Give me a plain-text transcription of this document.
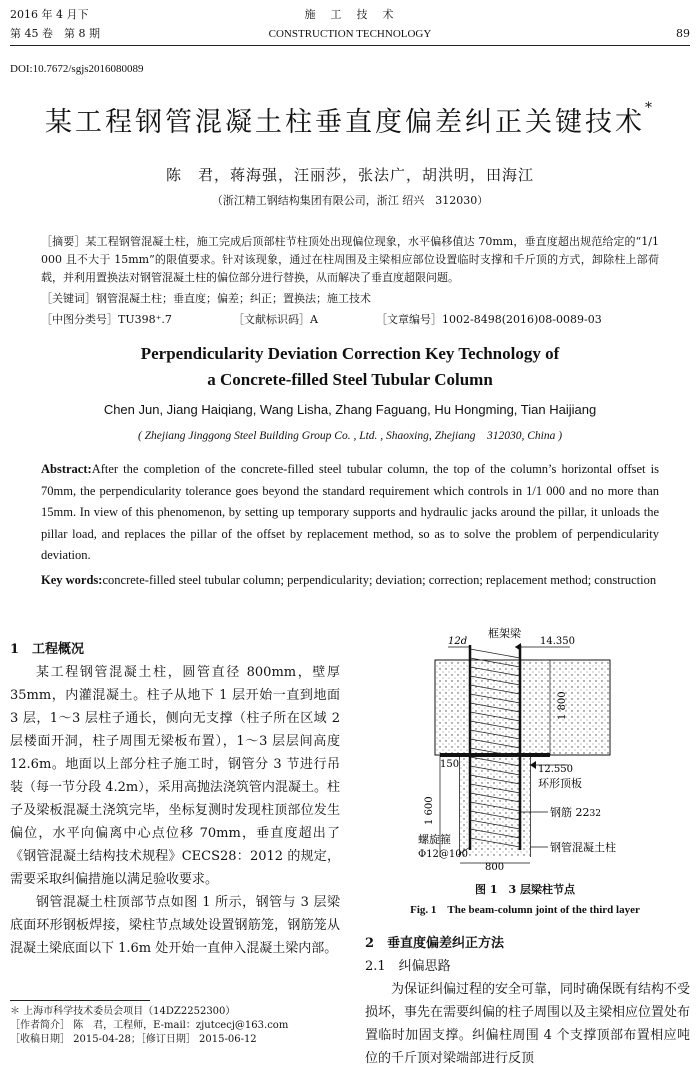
2016 年 4 月下
第 45 卷　第 8 期
施　工　技　术
CONSTRUCTION TECHNOLOGY	89
DOI:10.7672/sgjs2016080089
某工程钢管混凝土柱垂直度偏差纠正关键技术*
陈　君，蒋海强，汪丽莎，张法广，胡洪明，田海江
（浙江精工钢结构集团有限公司，浙江 绍兴　312030）
［摘要］某工程钢管混凝土柱，施工完成后顶部柱节柱顶处出现偏位现象，水平偏移值达 70mm，垂直度超出规范给定的“1/1 000 且不大于 15mm”的限值要求。针对该现象，通过在柱周围及主梁相应部位设置临时支撑和千斤顶的方式，卸除柱上部荷载，并利用置换法对钢管混凝土柱的偏位部分进行替换，从而解决了垂直度超限问题。
［关键词］钢管混凝土柱；垂直度；偏差；纠正；置换法；施工技术
［中图分类号］TU398⁺.7	［文献标识码］A	［文章编号］1002-8498(2016)08-0089-03
Perpendicularity Deviation Correction Key Technology of
a Concrete-filled Steel Tubular Column
Chen Jun, Jiang Haiqiang, Wang Lisha, Zhang Faguang, Hu Hongming, Tian Haijiang
( Zhejiang Jinggong Steel Building Group Co. , Ltd. , Shaoxing, Zhejiang　312030, China )
Abstract:After the completion of the concrete-filled steel tubular column, the top of the column’s horizontal offset is 70mm, the perpendicularity tolerance goes beyond the standard requirement which controls in 1/1 000 and no more than 15mm. In view of this phenomenon, by setting up temporary supports and hydraulic jacks around the pillar, it unloads the pillar load, and replaces the pillar of the offset by replacement method, so as to solve the problem of perpendicularity deviation.
Key words:concrete-filled steel tubular column; perpendicularity; deviation; correction; replacement method; construction
1　工程概况
某工程钢管混凝土柱，圆管直径 800mm，壁厚 35mm，内灌混凝土。柱子从地下 1 层开始一直到地面 3 层，1～3 层柱子通长，侧向无支撑（柱子所在区域 2 层楼面开洞，柱子周围无梁板布置），1～3 层层间高度 12.6m。地面以上部分柱子施工时，钢管分 3 节进行吊装（每一节分段 4.2m），采用高抛法浇筑管内混凝土。柱子及梁板混凝土浇筑完毕，坐标复测时发现柱顶部位发生偏位，水平向偏离中心点位移 70mm，垂直度超出了《钢管混凝土结构技术规程》CECS28：2012 的规定，需要采取纠偏措施以满足验收要求。
钢管混凝土柱顶部节点如图 1 所示，钢管与 3 层梁底面环形钢板焊接，梁柱节点域处设置钢筋笼，钢筋笼从混凝土梁底面以下 1.6m 处开始一直伸入混凝土梁内部。
＊ 上海市科学技术委员会项目（14DZ2252300）
［作者简介］ 陈　君，工程师，E-mail：zjutcecj@163.com
［收稿日期］ 2015-04-28；［修订日期］ 2015-06-12
框架梁
12d	14.350
1 800
150	12.550
环形顶板
1 600	钢筋 2232
钢管混凝土柱
螺旋箍
Φ12@100
800
图 1　3 层梁柱节点
Fig. 1　 The beam-column joint of the third layer
2　垂直度偏差纠正方法
2.1　纠偏思路
为保证纠偏过程的安全可靠，同时确保既有结构不受损坏，事先在需要纠偏的柱子周围以及主梁相应位置处布置临时加固支撑。纠偏柱周围 4 个支撑顶部布置相应吨位的千斤顶对梁端部进行反顶
